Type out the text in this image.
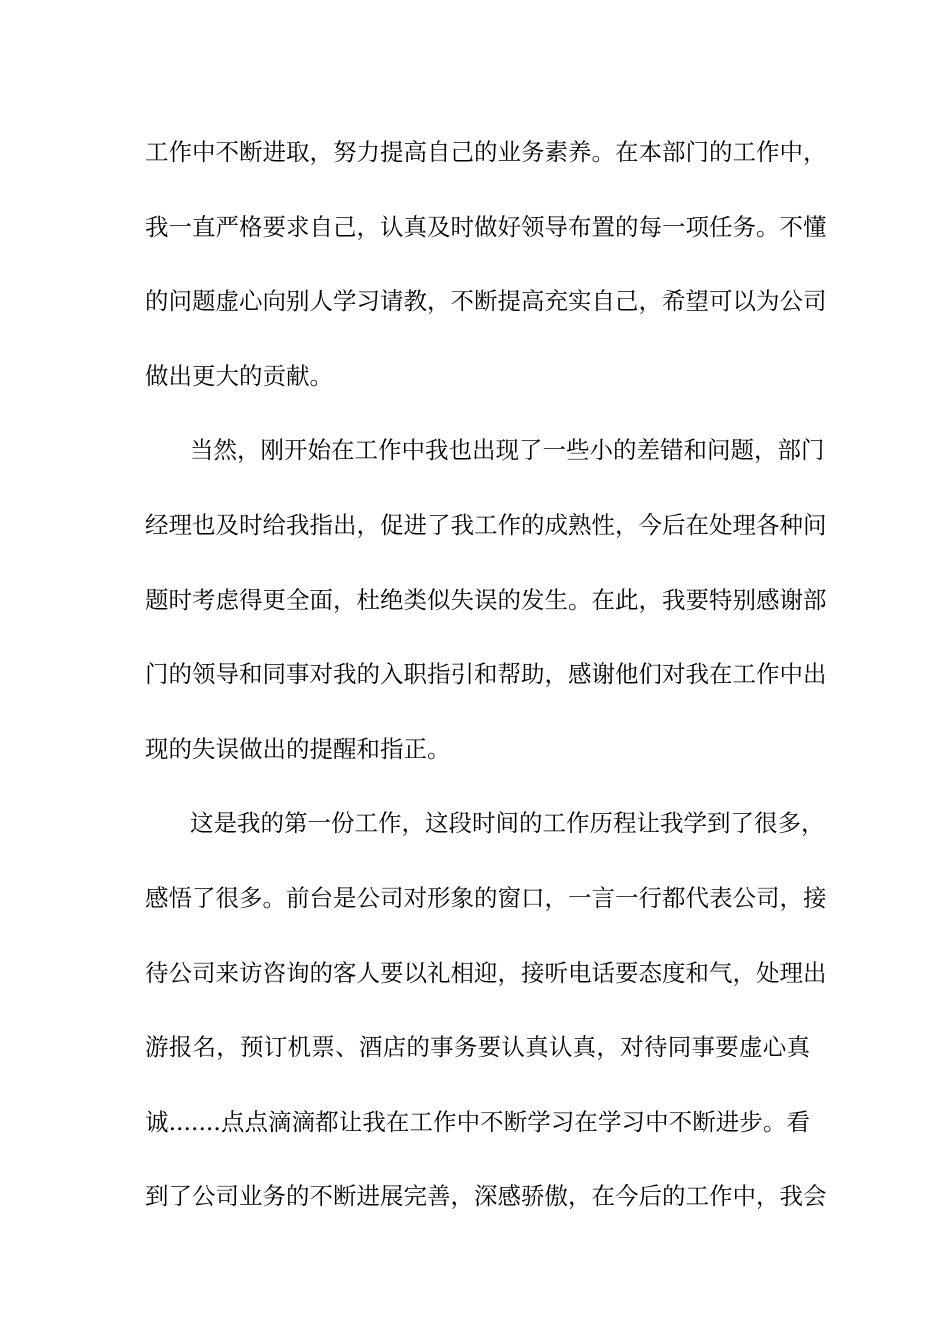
工作中不断进取，努力提高自己的业务素养。在本部门的工作中，
我一直严格要求自己，认真及时做好领导布置的每一项任务。不懂
的问题虚心向别人学习请教，不断提高充实自己，希望可以为公司
做出更大的贡献。
当然，刚开始在工作中我也出现了一些小的差错和问题，部门
经理也及时给我指出，促进了我工作的成熟性，今后在处理各种问
题时考虑得更全面，杜绝类似失误的发生。在此，我要特别感谢部
门的领导和同事对我的入职指引和帮助，感谢他们对我在工作中出
现的失误做出的提醒和指正。
这是我的第一份工作，这段时间的工作历程让我学到了很多，
感悟了很多。前台是公司对形象的窗口，一言一行都代表公司，接
待公司来访咨询的客人要以礼相迎，接听电话要态度和气，处理出
游报名，预订机票、酒店的事务要认真认真，对待同事要虚心真
诚.......点点滴滴都让我在工作中不断学习在学习中不断进步。看
到了公司业务的不断进展完善，深感骄傲，在今后的工作中，我会
